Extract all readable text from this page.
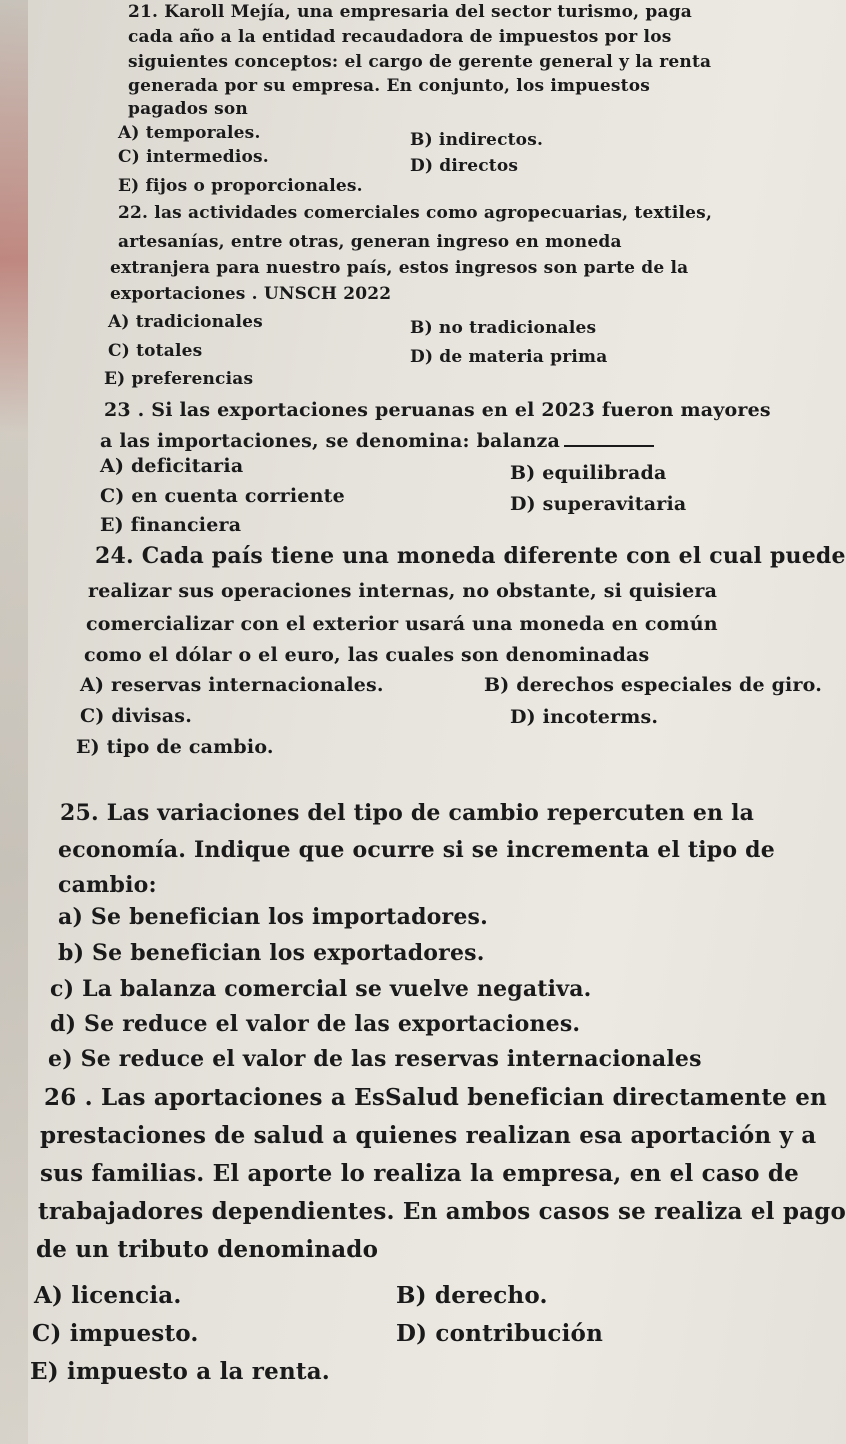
21. Karoll Mejía, una empresaria del sector turismo, paga
cada año a la entidad recaudadora de impuestos por los
siguientes conceptos: el cargo de gerente general y la renta
generada por su empresa. En conjunto, los impuestos
pagados son
A) temporales.	B) indirectos.
C) intermedios.	D) directos
E) fijos o proporcionales.
22. las actividades comerciales como agropecuarias, textiles,
artesanías, entre otras, generan ingreso en moneda
extranjera para nuestro país, estos ingresos son parte de la
exportaciones . UNSCH 2022
A) tradicionales	B) no tradicionales
C) totales	D) de materia prima
E) preferencias
23 . Si las exportaciones peruanas en el 2023 fueron mayores
a las importaciones, se denomina: balanza
A) deficitaria	B) equilibrada
C) en cuenta corriente	D) superavitaria
E) financiera
24. Cada país tiene una moneda diferente con el cual puede
realizar sus operaciones internas, no obstante, si quisiera
comercializar con el exterior usará una moneda en común
como el dólar o el euro, las cuales son denominadas
A) reservas internacionales.	B) derechos especiales de giro.
C) divisas.	D) incoterms.
E) tipo de cambio.
25. Las variaciones del tipo de cambio repercuten en la
economía. Indique que ocurre si se incrementa el tipo de
cambio:
a) Se benefician los importadores.
b) Se benefician los exportadores.
c) La balanza comercial se vuelve negativa.
d) Se reduce el valor de las exportaciones.
e) Se reduce el valor de las reservas internacionales
26 . Las aportaciones a EsSalud benefician directamente en
prestaciones de salud a quienes realizan esa aportación y a
sus familias. El aporte lo realiza la empresa, en el caso de
trabajadores dependientes. En ambos casos se realiza el pago
de un tributo denominado
A) licencia.	B) derecho.
C) impuesto.	D) contribución
E) impuesto a la renta.
